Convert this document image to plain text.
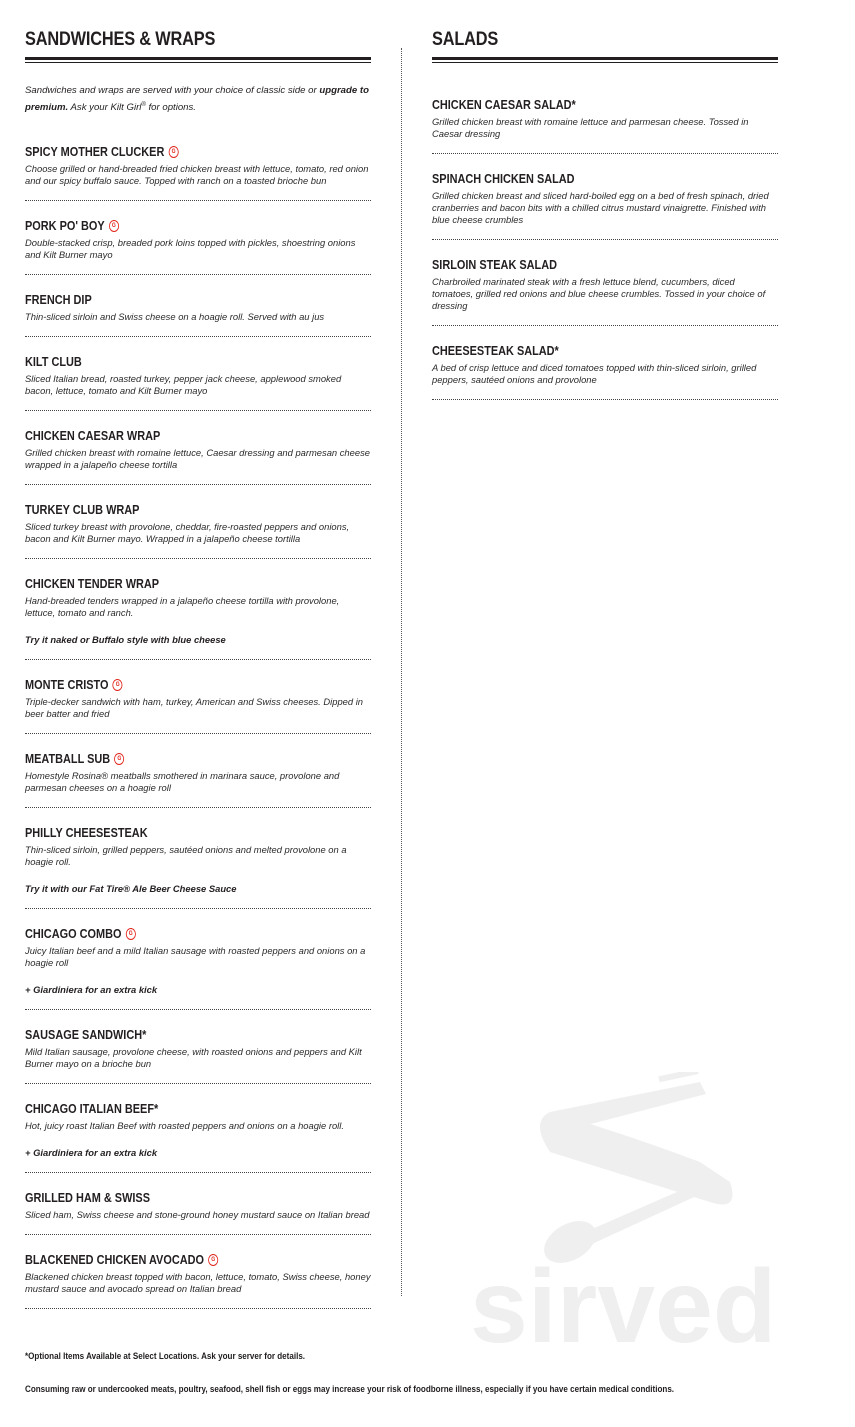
SANDWICHES & WRAPS

Sandwiches and wraps are served with your choice of classic side or upgrade to premium. Ask your Kilt Girl® for options.

SPICY MOTHER CLUCKER	G

Choose grilled or hand-breaded fried chicken breast with lettuce, tomato, red onion and our spicy buffalo sauce. Topped with ranch on a toasted brioche bun

PORK PO' BOY	G

Double-stacked crisp, breaded pork loins topped with pickles, shoestring onions and Kilt Burner mayo

FRENCH DIP

Thin-sliced sirloin and Swiss cheese on a hoagie roll. Served with au jus

KILT CLUB

Sliced Italian bread, roasted turkey, pepper jack cheese, applewood smoked bacon, lettuce, tomato and Kilt Burner mayo

CHICKEN CAESAR WRAP

Grilled chicken breast with romaine lettuce, Caesar dressing and parmesan cheese wrapped in a jalapeño cheese tortilla

TURKEY CLUB WRAP

Sliced turkey breast with provolone, cheddar, fire-roasted peppers and onions, bacon and Kilt Burner mayo. Wrapped in a jalapeño cheese tortilla

CHICKEN TENDER WRAP

Hand-breaded tenders wrapped in a jalapeño cheese tortilla with provolone, lettuce, tomato and ranch.

Try it naked or Buffalo style with blue cheese

MONTE CRISTO	G

Triple-decker sandwich with ham, turkey, American and Swiss cheeses. Dipped in beer batter and fried

MEATBALL SUB	G

Homestyle Rosina® meatballs smothered in marinara sauce, provolone and parmesan cheeses on a hoagie roll

PHILLY CHEESESTEAK

Thin-sliced sirloin, grilled peppers, sautéed onions and melted provolone on a hoagie roll.

Try it with our Fat Tire® Ale Beer Cheese Sauce

CHICAGO COMBO	G

Juicy Italian beef and a mild Italian sausage with roasted peppers and onions on a hoagie roll

+ Giardiniera for an extra kick

SAUSAGE SANDWICH*

Mild Italian sausage, provolone cheese, with roasted onions and peppers and Kilt Burner mayo on a brioche bun

CHICAGO ITALIAN BEEF*

Hot, juicy roast Italian Beef with roasted peppers and onions on a hoagie roll.

+ Giardiniera for an extra kick

GRILLED HAM & SWISS

Sliced ham, Swiss cheese and stone-ground honey mustard sauce on Italian bread

BLACKENED CHICKEN AVOCADO	G

Blackened chicken breast topped with bacon, lettuce, tomato, Swiss cheese, honey mustard sauce and avocado spread on Italian bread

SALADS
CHICKEN CAESAR SALAD*

Grilled chicken breast with romaine lettuce and parmesan cheese. Tossed in Caesar dressing

SPINACH CHICKEN SALAD

Grilled chicken breast and sliced hard-boiled egg on a bed of fresh spinach, dried cranberries and bacon bits with a chilled citrus mustard vinaigrette. Finished with blue cheese crumbles

SIRLOIN STEAK SALAD

Charbroiled marinated steak with a fresh lettuce blend, cucumbers, diced tomatoes, grilled red onions and blue cheese crumbles. Tossed in your choice of dressing

CHEESESTEAK SALAD*

A bed of crisp lettuce and diced tomatoes topped with thin-sliced sirloin, grilled peppers, sautéed onions and provolone

*Optional Items Available at Select Locations. Ask your server for details.
Consuming raw or undercooked meats, poultry, seafood, shell fish or eggs may increase your risk of foodborne illness, especially if you have certain medical conditions.
sirved
